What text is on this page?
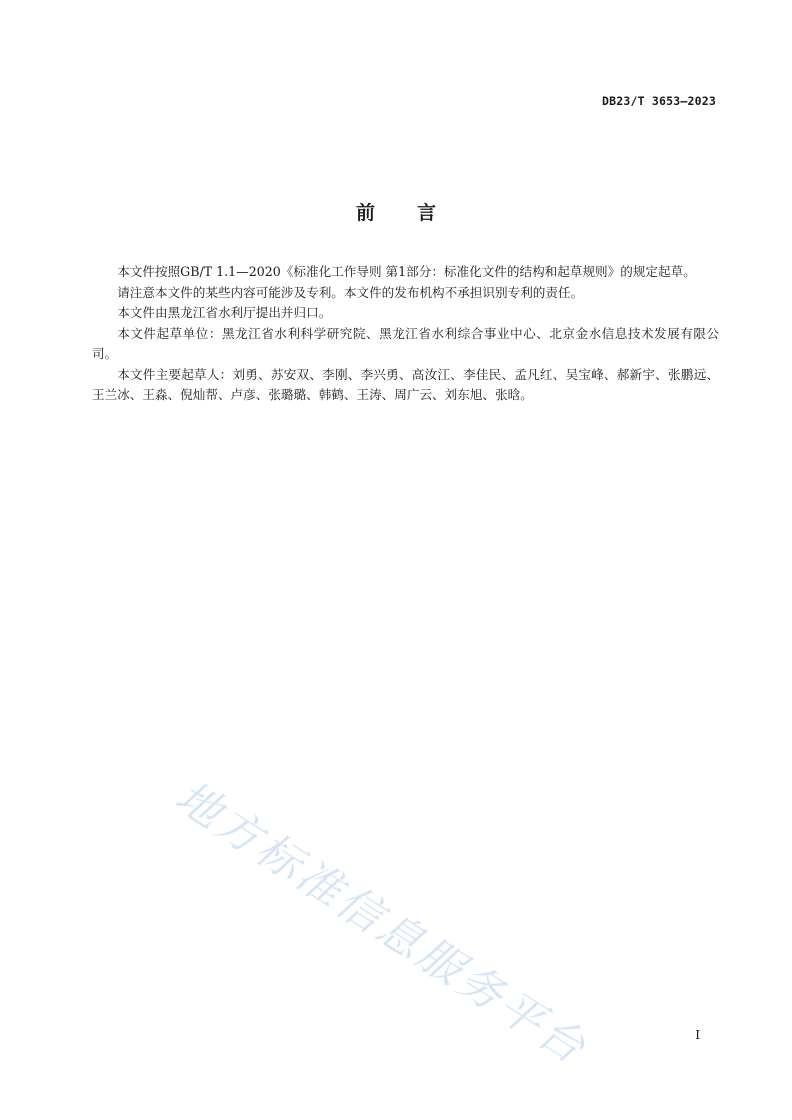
DB23/T 3653—2023
前言

本文件按照GB/T 1.1—2020《标准化工作导则 第1部分：标准化文件的结构和起草规则》的规定起草。

请注意本文件的某些内容可能涉及专利。本文件的发布机构不承担识别专利的责任。

本文件由黑龙江省水利厅提出并归口。

本文件起草单位：黑龙江省水利科学研究院、黑龙江省水利综合事业中心、北京金水信息技术发展有限公司。

本文件主要起草人：刘勇、苏安双、李刚、李兴勇、高汝江、李佳民、孟凡红、吴宝峰、郝新宇、张鹏远、王兰冰、王淼、倪灿帮、卢彦、张璐璐、韩鹤、王涛、周广云、刘东旭、张晗。

地方标准信息服务平台	I
